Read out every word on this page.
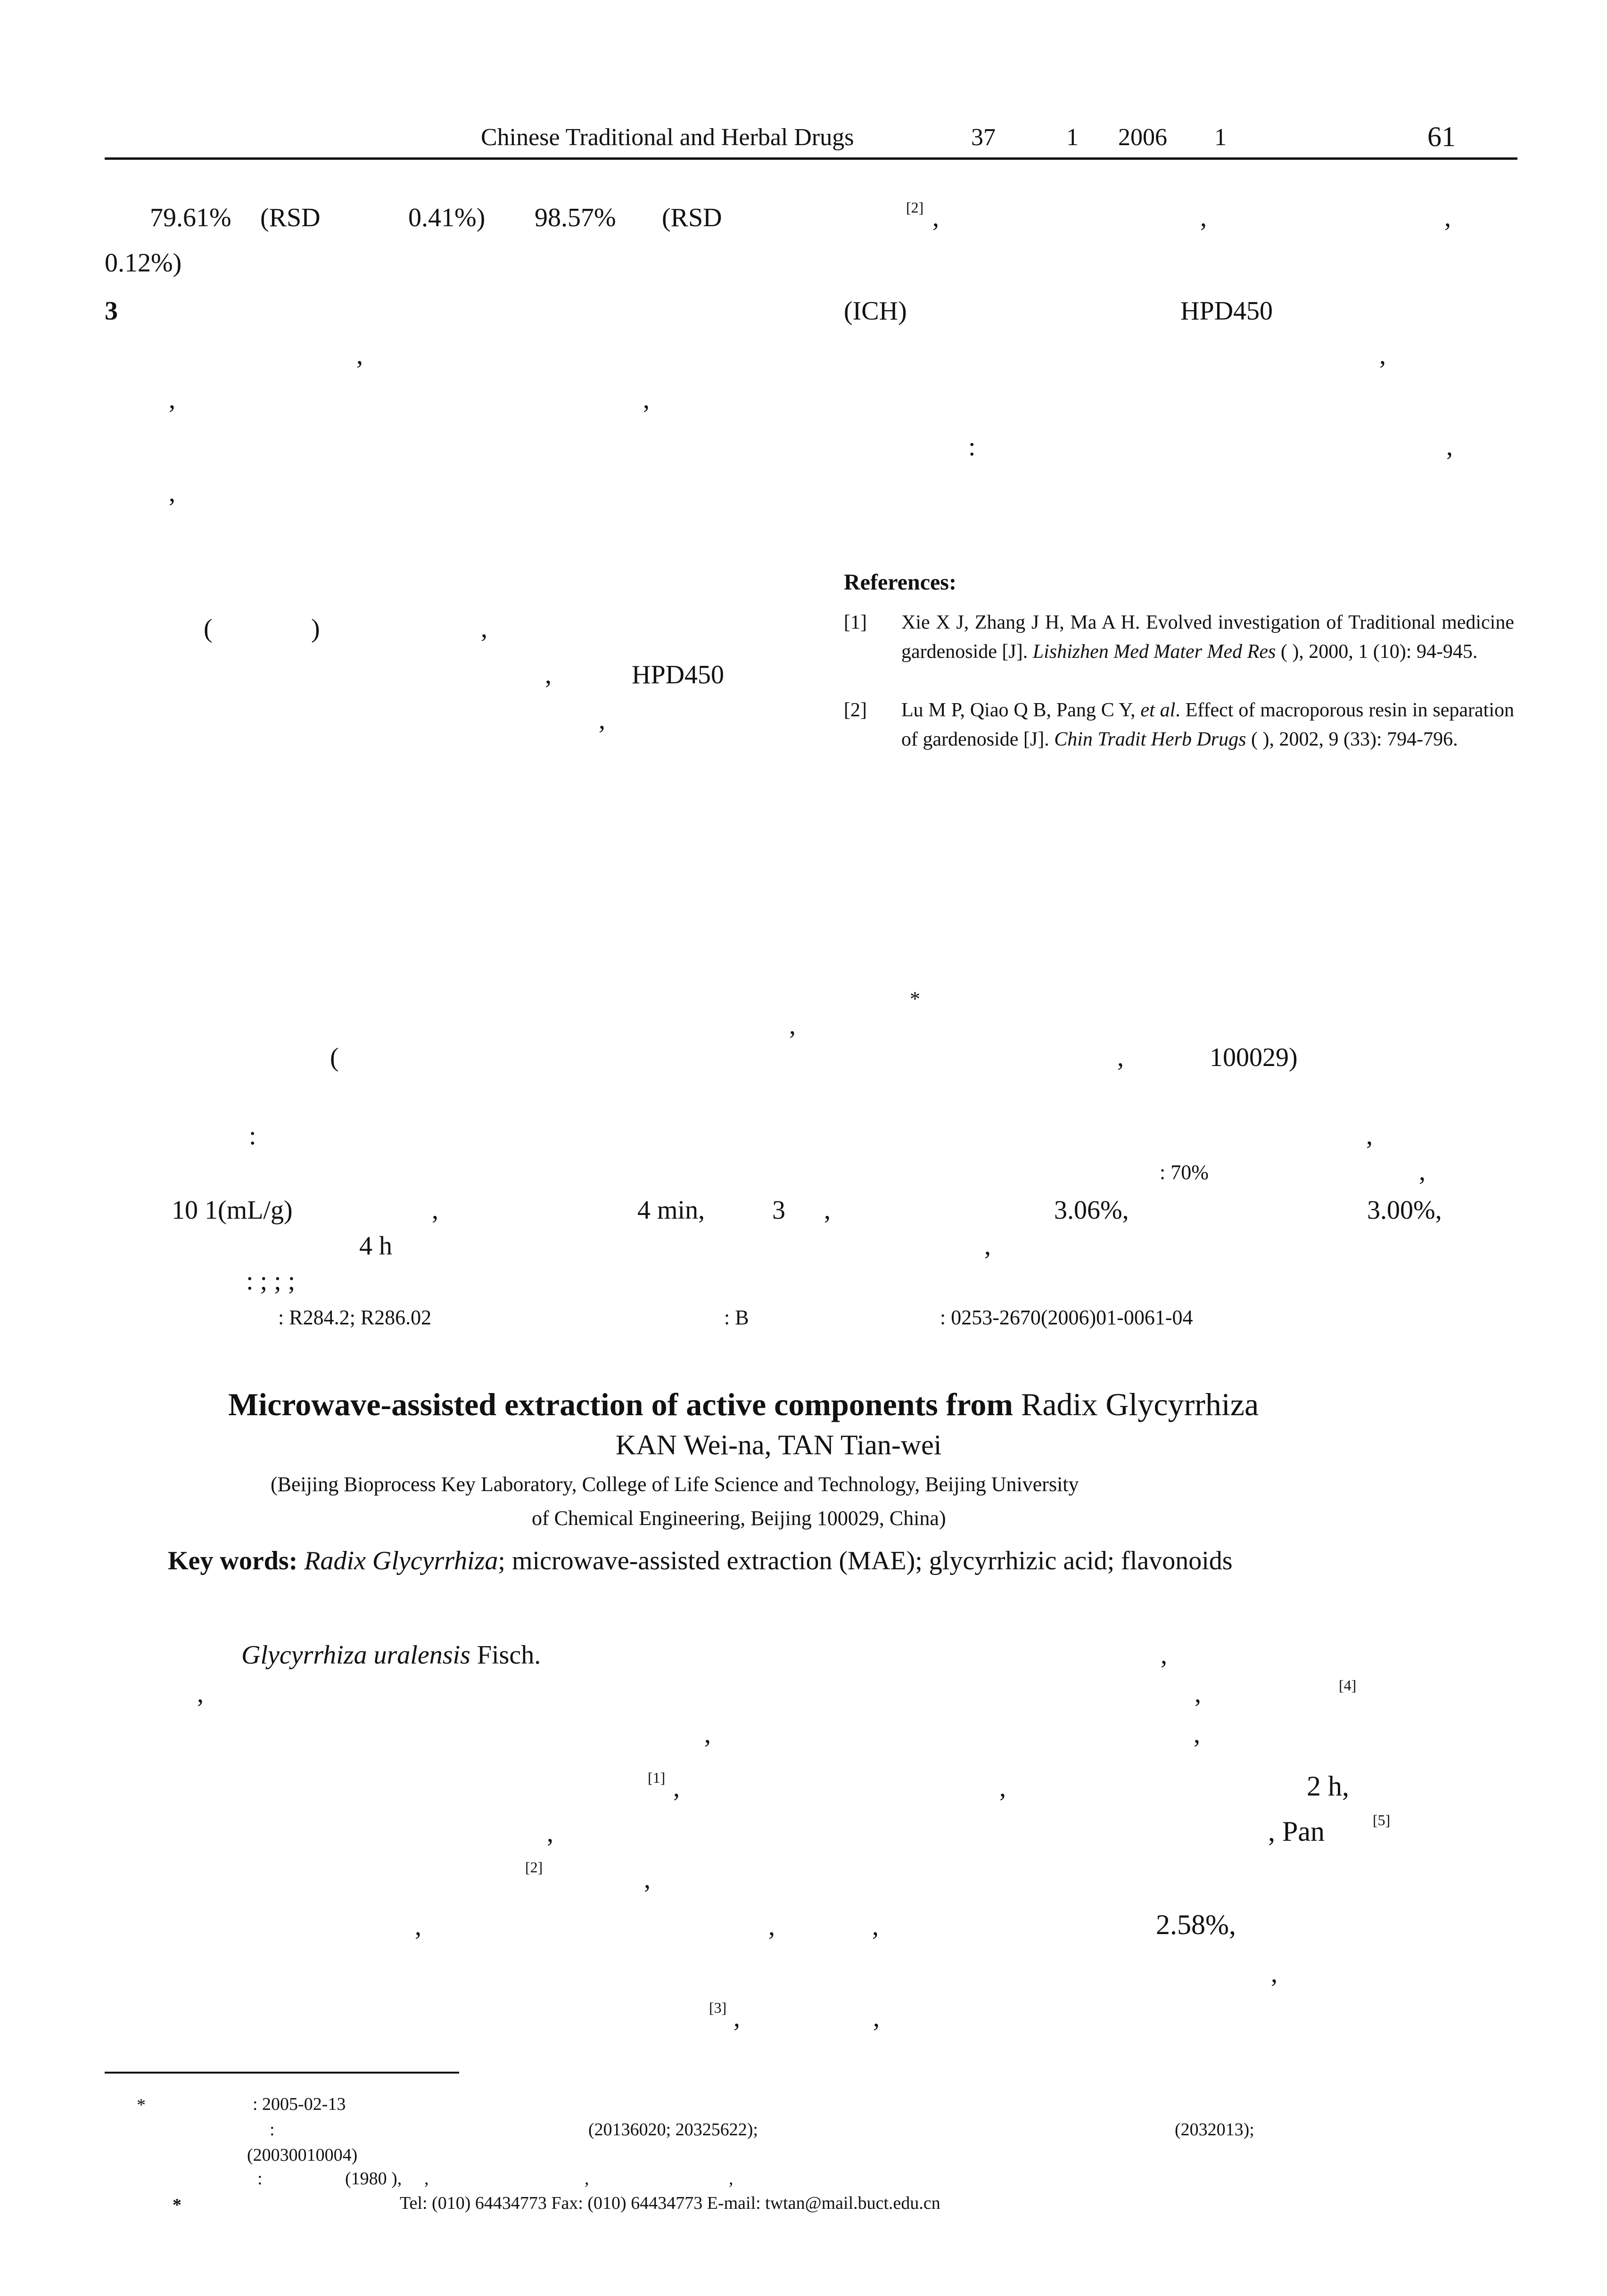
Chinese Traditional and Herbal Drugs	37	1 2006 1	61
79.61% (RSD	0.41%) 98.57% (RSD
0.12%)
3
,
,	,
,
(	)	,
,	HPD450
,
[2] ,	,	,
(ICH)	HPD450
,
:	,
References:
[1] Xie X J, Zhang J H, Ma A H. Evolved investigation of Traditional medicine gardenoside [J]. Lishizhen Med Mater Med Res ( ), 2000, 1 (10): 94-945.
[2] Lu M P, Qiao Q B, Pang C Y, et al. Effect of macroporous resin in separation of gardenoside [J]. Chin Tradit Herb Drugs ( ), 2002, 9 (33): 794-796.
*
,
(	,	100029)
:	,
: 70%	,
10 1(mL/g)	,	4 min,	3 ,	3.06%,	3.00%,
4 h	,
: ; ; ;
: R284.2; R286.02	: B	: 0253-2670(2006)01-0061-04
Microwave-assisted extraction of active components from Radix Glycyrrhiza
KAN Wei-na, TAN Tian-wei
(Beijing Bioprocess Key Laboratory, College of Life Science and Technology, Beijing University
of Chemical Engineering, Beijing 100029, China)
Key words: Radix Glycyrrhiza; microwave-assisted extraction (MAE); glycyrrhizic acid; flavonoids
Glycyrrhiza uralensis Fisch.	,
,	[4]
,
,	,
[1] ,	,	2 h,
,	, Pan	[5]
[2]	,
,	,	,	2.58%,
,
[3] ,	,
*	: 2005-02-13
:	(20136020; 20325622);	(2032013);
(20030010004)
:	(1980 ), ,	,	,
*	Tel: (010) 64434773 Fax: (010) 64434773 E-mail: twtan@mail.buct.edu.cn
